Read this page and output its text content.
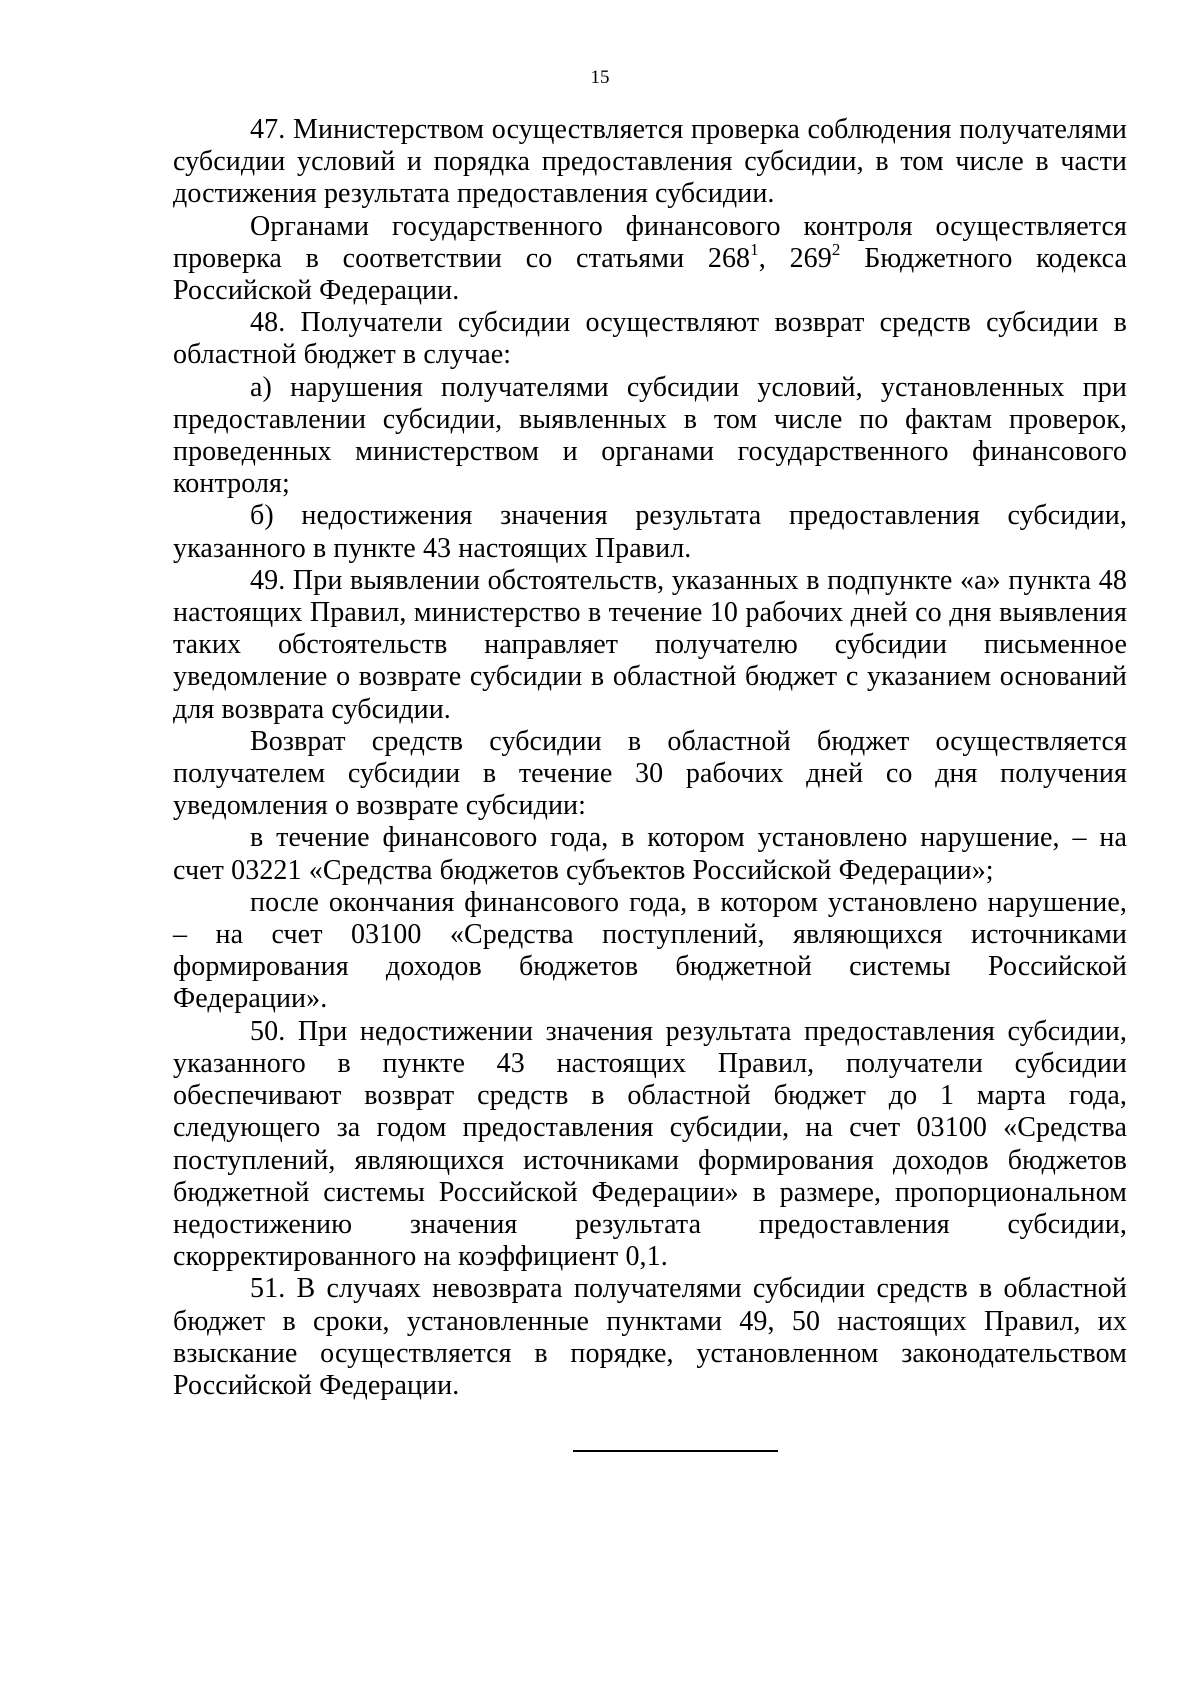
15

47. Министерством осуществляется проверка соблюдения получателями субсидии условий и порядка предоставления субсидии, в том числе в части достижения результата предоставления субсидии.

Органами государственного финансового контроля осуществляется проверка в соответствии со статьями $268^1$, $269^2$ Бюджетного кодекса Российской Федерации.

48. Получатели субсидии осуществляют возврат средств субсидии в областной бюджет в случае:

а) нарушения получателями субсидии условий, установленных при предоставлении субсидии, выявленных в том числе по фактам проверок, проведенных министерством и органами государственного финансового контроля;

б) недостижения значения результата предоставления субсидии, указанного в пункте 43 настоящих Правил.

49. При выявлении обстоятельств, указанных в подпункте «а» пункта 48 настоящих Правил, министерство в течение 10 рабочих дней со дня выявления таких обстоятельств направляет получателю субсидии письменное уведомление о возврате субсидии в областной бюджет с указанием оснований для возврата субсидии.

Возврат средств субсидии в областной бюджет осуществляется получателем субсидии в течение 30 рабочих дней со дня получения уведомления о возврате субсидии:

в течение финансового года, в котором установлено нарушение, – на счет 03221 «Средства бюджетов субъектов Российской Федерации»;

после окончания финансового года, в котором установлено нарушение, – на счет 03100 «Средства поступлений, являющихся источниками формирования доходов бюджетов бюджетной системы Российской Федерации».

50. При недостижении значения результата предоставления субсидии, указанного в пункте 43 настоящих Правил, получатели субсидии обеспечивают возврат средств в областной бюджет до 1 марта года, следующего за годом предоставления субсидии, на счет 03100 «Средства поступлений, являющихся источниками формирования доходов бюджетов бюджетной системы Российской Федерации» в размере, пропорциональном недостижению значения результата предоставления субсидии, скорректированного на коэффициент 0,1.

51. В случаях невозврата получателями субсидии средств в областной бюджет в сроки, установленные пунктами 49, 50 настоящих Правил, их взыскание осуществляется в порядке, установленном законодательством Российской Федерации.
